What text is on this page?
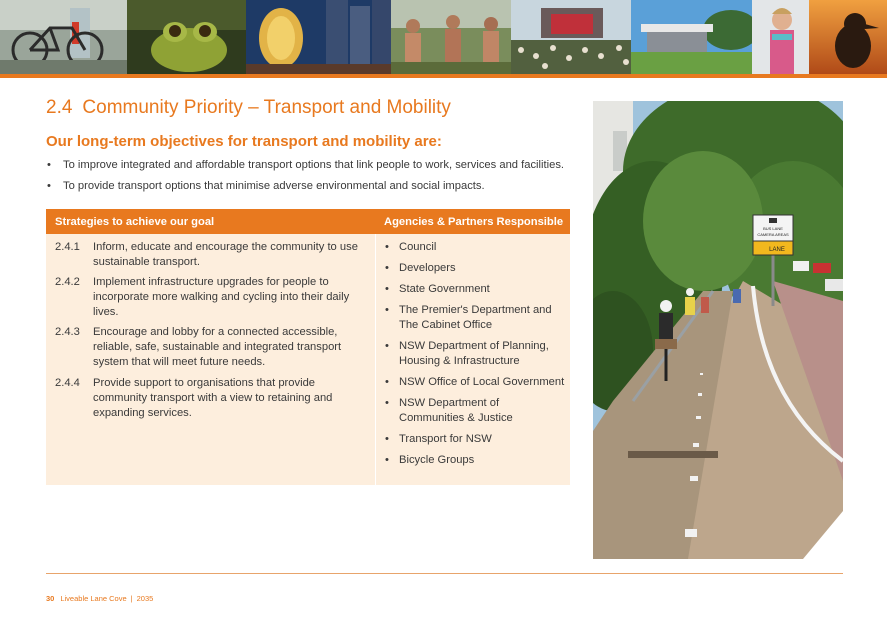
2.4 Community Priority – Transport and Mobility
Our long-term objectives for transport and mobility are:
• To improve integrated and affordable transport options that link people to work, services and facilities.
• To provide transport options that minimise adverse environmental and social impacts.
Strategies to achieve our goal	Agencies & Partners Responsible
2.4.1	Inform, educate and encourage the community to use sustainable transport.
2.4.2	Implement infrastructure upgrades for people to incorporate more walking and cycling into their daily lives.
2.4.3	Encourage and lobby for a connected accessible, reliable, safe, sustainable and integrated transport system that will meet future needs.
2.4.4	Provide support to organisations that provide community transport with a view to retaining and expanding services.
• Council
• Developers
• State Government
• The Premier's Department and The Cabinet Office
• NSW Department of Planning, Housing & Infrastructure
• NSW Office of Local Government
• NSW Department of Communities & Justice
• Transport for NSW
• Bicycle Groups
BUS LANE
CAMERA AREAS
LANE
30 Liveable Lane Cove | 2035
